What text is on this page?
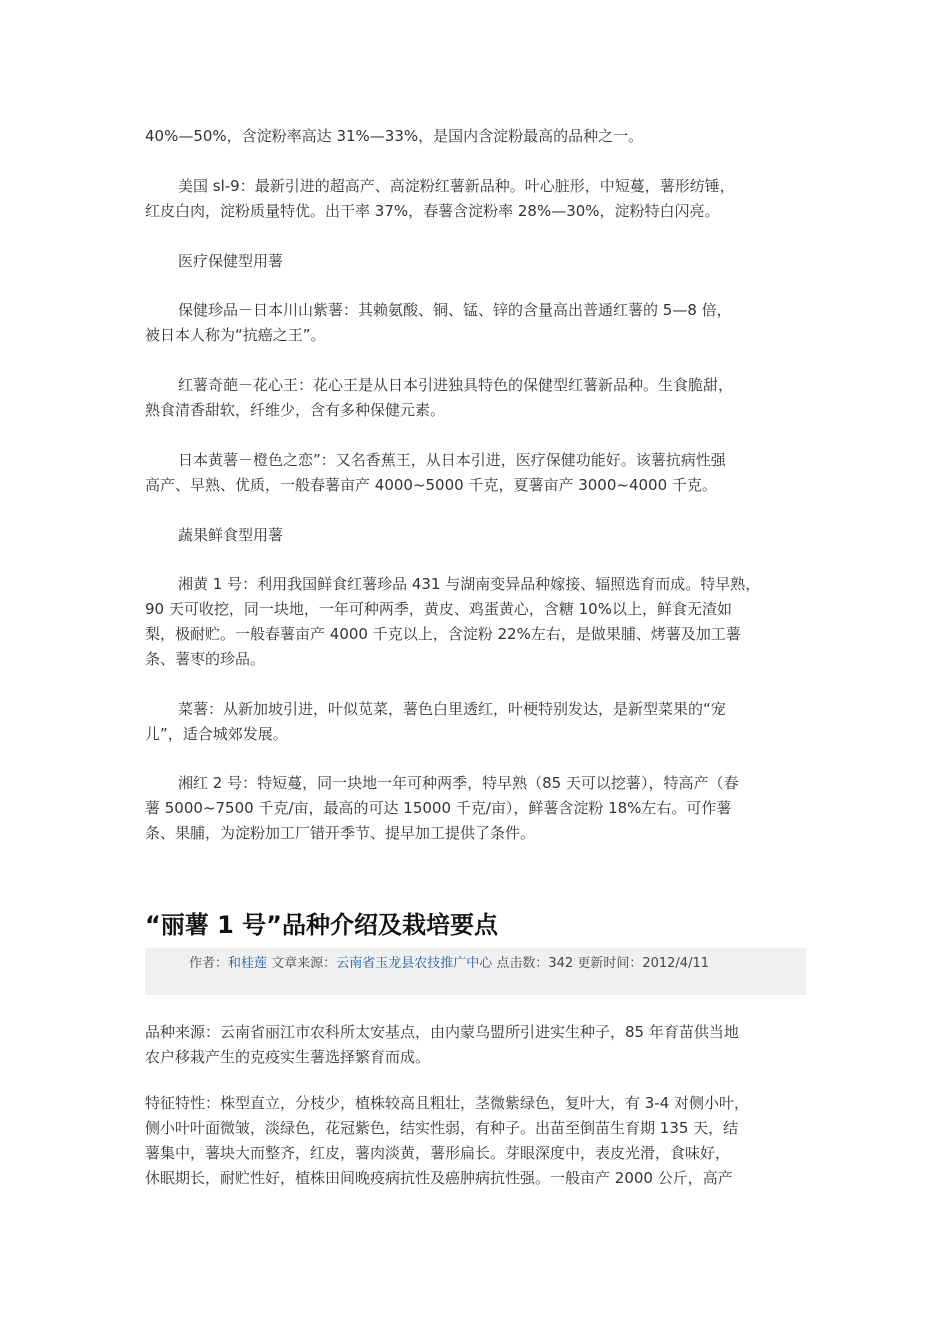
40%—50%，含淀粉率高达 31%—33%，是国内含淀粉最高的品种之一。

美国 sl-9：最新引进的超高产、高淀粉红薯新品种。叶心脏形，中短蔓，薯形纺锤，
红皮白肉，淀粉质量特优。出干率 37%，春薯含淀粉率 28%—30%，淀粉特白闪亮。

医疗保健型用薯

保健珍品－日本川山紫薯：其赖氨酸、铜、锰、锌的含量高出普通红薯的 5—8 倍，
被日本人称为“抗癌之王”。

红薯奇葩－花心王：花心王是从日本引进独具特色的保健型红薯新品种。生食脆甜，
熟食清香甜软，纤维少，含有多种保健元素。

日本黄薯－橙色之恋”：又名香蕉王，从日本引进，医疗保健功能好。该薯抗病性强
高产、早熟、优质，一般春薯亩产 4000~5000 千克，夏薯亩产 3000~4000 千克。

蔬果鲜食型用薯

湘黄 1 号：利用我国鲜食红薯珍品 431 与湖南变异品种嫁接、辐照选育而成。特早熟，
90 天可收挖，同一块地，一年可种两季，黄皮、鸡蛋黄心，含糖 10%以上，鲜食无渣如
梨，极耐贮。一般春薯亩产 4000 千克以上，含淀粉 22%左右，是做果脯、烤薯及加工薯
条、薯枣的珍品。

菜薯：从新加坡引进，叶似苋菜，薯色白里透红，叶梗特别发达，是新型菜果的“宠
儿”，适合城郊发展。

湘红 2 号：特短蔓，同一块地一年可种两季，特早熟（85 天可以挖薯），特高产（春
薯 5000~7500 千克/亩，最高的可达 15000 千克/亩），鲜薯含淀粉 18%左右。可作薯
条、果脯，为淀粉加工厂错开季节、提早加工提供了条件。

品种来源：云南省丽江市农科所太安基点，由内蒙乌盟所引进实生种子，85 年育苗供当地
农户移栽产生的克疫实生薯选择繁育而成。

特征特性：株型直立，分枝少，植株较高且粗壮，茎微紫绿色，复叶大，有 3-4 对侧小叶，
侧小叶叶面微皱，淡绿色，花冠紫色，结实性弱，有种子。出苗至倒苗生育期 135 天，结
薯集中，薯块大而整齐，红皮，薯肉淡黄，薯形扁长。芽眼深度中，表皮光滑，食味好，
休眠期长，耐贮性好，植株田间晚疫病抗性及癌肿病抗性强。一般亩产 2000 公斤，高产

“丽薯 1 号”品种介绍及栽培要点
作者：和桂莲 文章来源：云南省玉龙县农技推广中心 点击数：342 更新时间：2012/4/11
